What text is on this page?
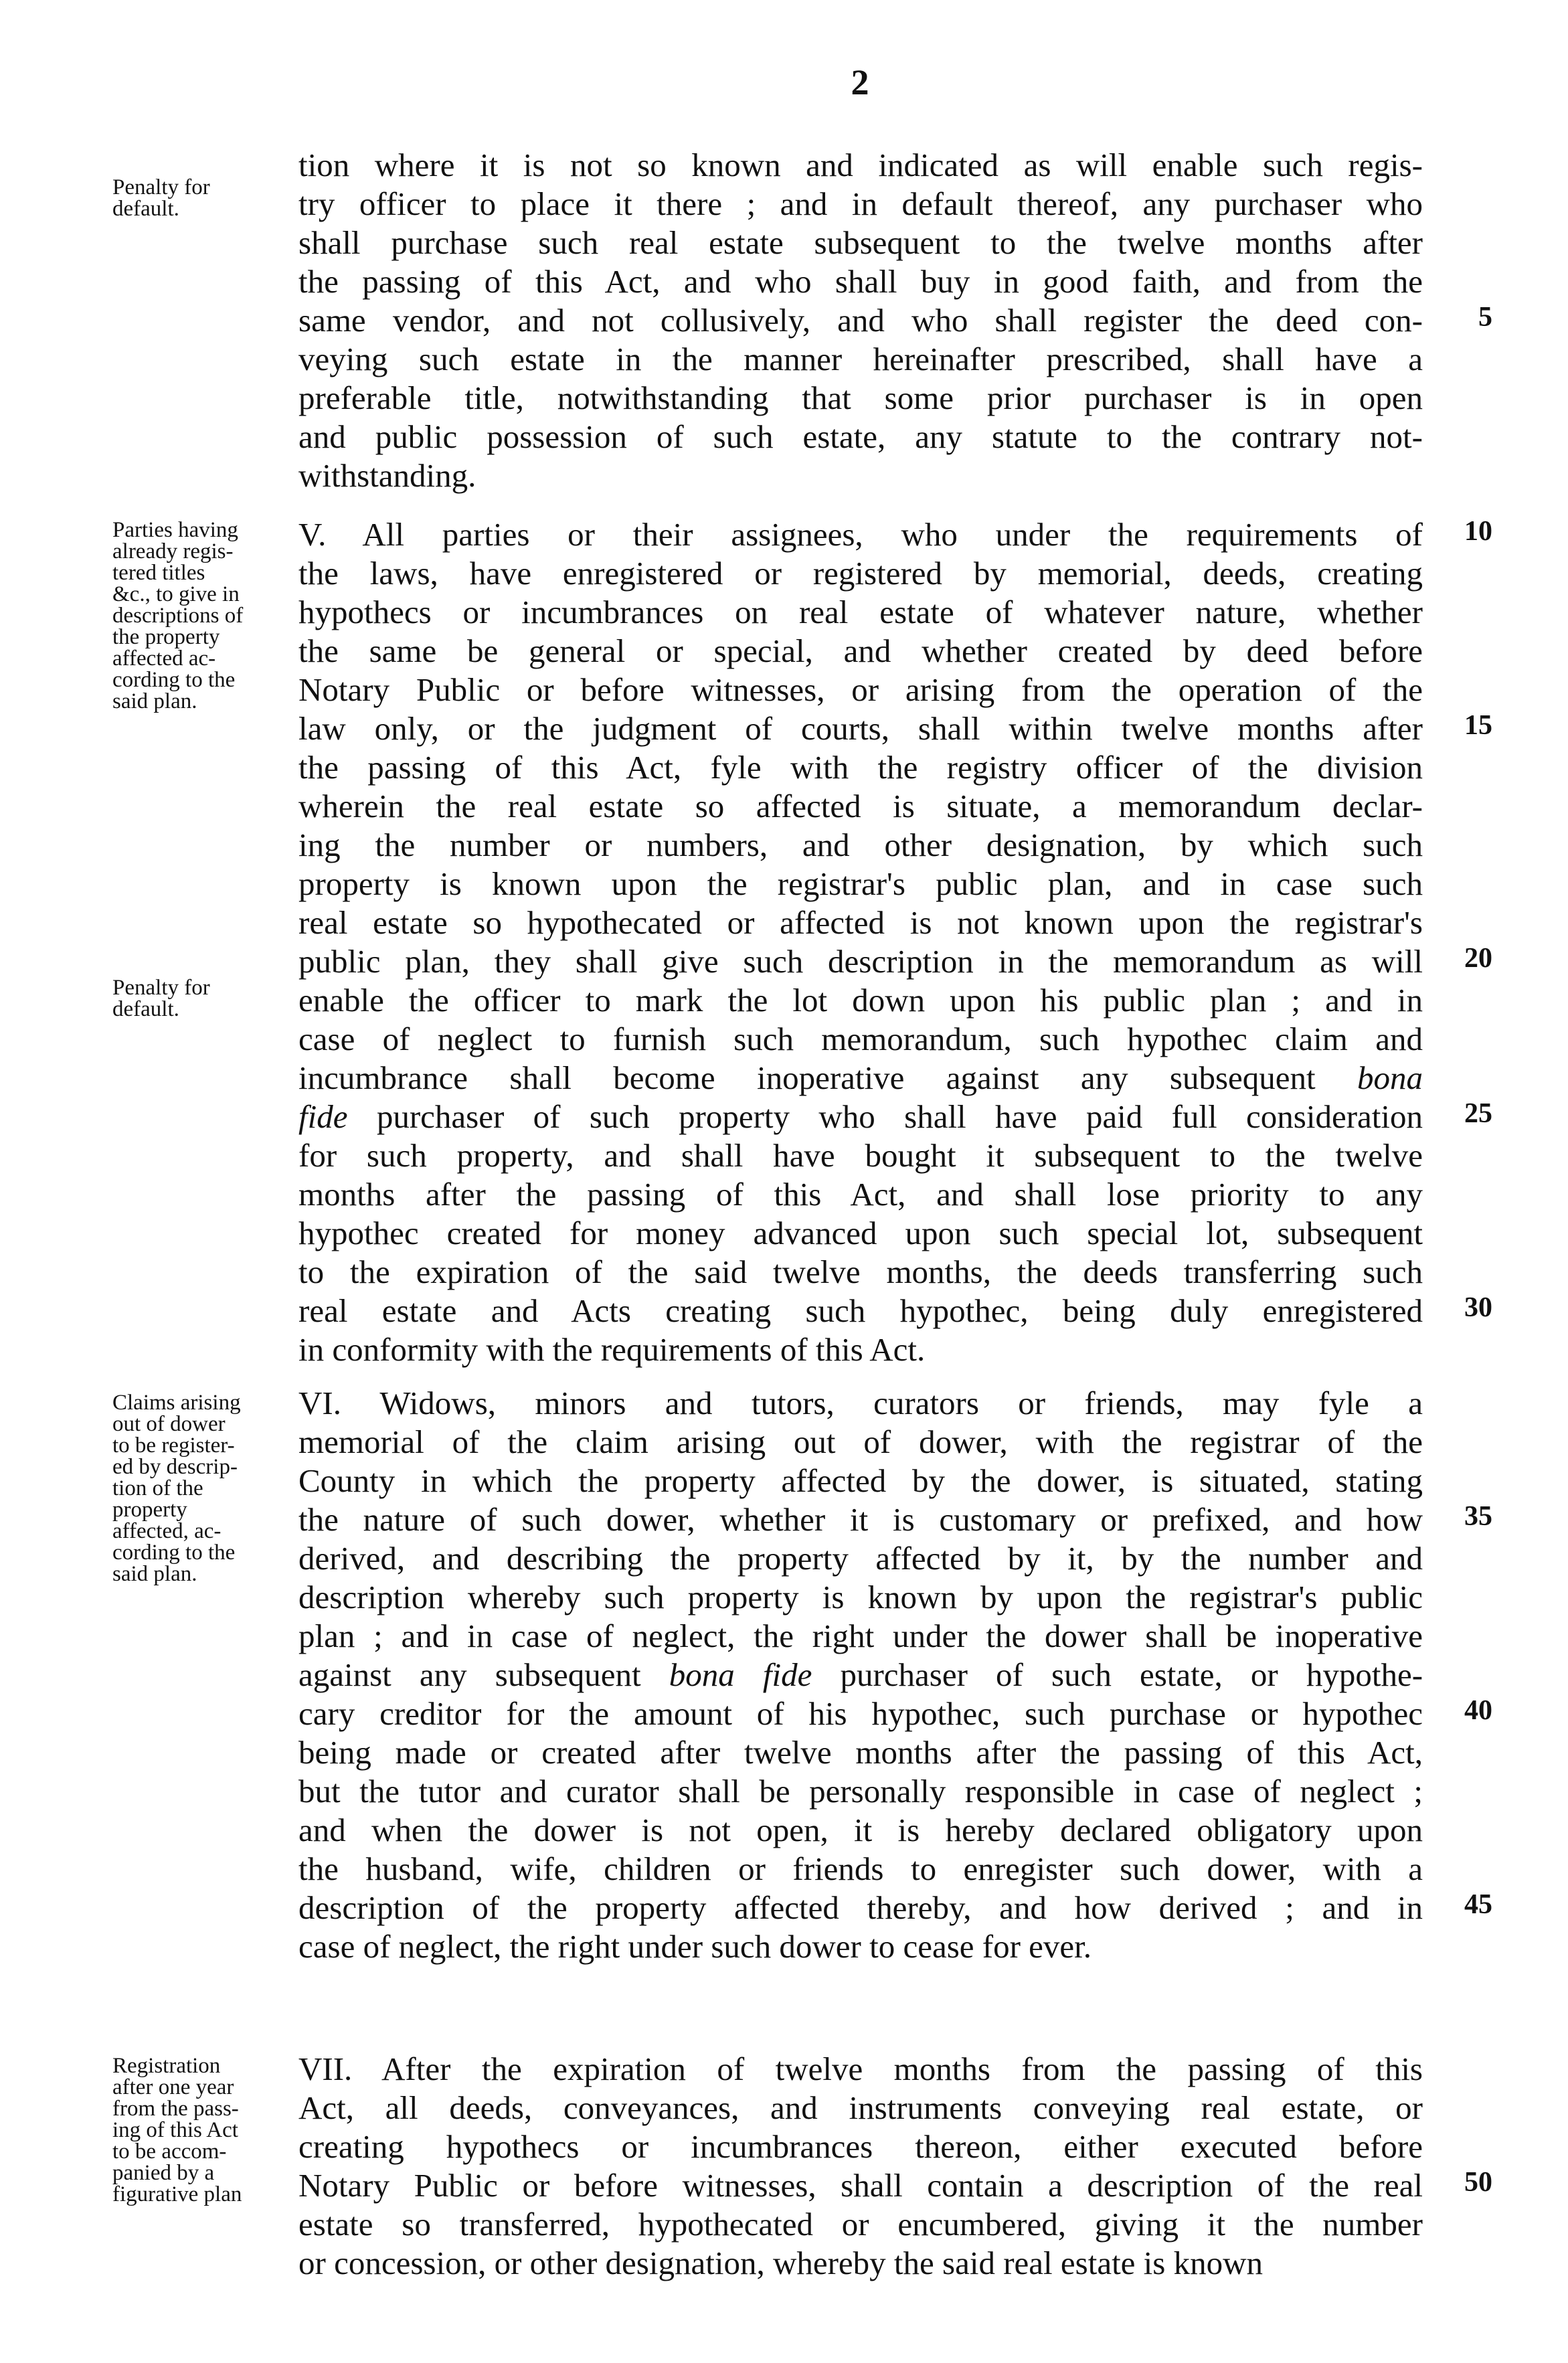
2
Penalty for
default.
tion where it is not so known and indicated as will enable such regis-
try officer to place it there ; and in default thereof, any purchaser who
shall purchase such real estate subsequent to the twelve months after
the passing of this Act, and who shall buy in good faith, and from the
same vendor, and not collusively, and who shall register the deed con-
veying such estate in the manner hereinafter prescribed, shall have a
preferable title, notwithstanding that some prior purchaser is in open
and public possession of such estate, any statute to the contrary not-
withstanding.
5
Parties having
already regis-
tered titles
&c., to give in
descriptions of
the property
affected ac-
cording to the
said plan.
Penalty for
default.
V. All parties or their assignees, who under the requirements of
the laws, have enregistered or registered by memorial, deeds, creating
hypothecs or incumbrances on real estate of whatever nature, whether
the same be general or special, and whether created by deed before
Notary Public or before witnesses, or arising from the operation of the
law only, or the judgment of courts, shall within twelve months after
the passing of this Act, fyle with the registry officer of the division
wherein the real estate so affected is situate, a memorandum declar-
ing the number or numbers, and other designation, by which such
property is known upon the registrar's public plan, and in case such
real estate so hypothecated or affected is not known upon the registrar's
public plan, they shall give such description in the memorandum as will
enable the officer to mark the lot down upon his public plan ; and in
case of neglect to furnish such memorandum, such hypothec claim and
incumbrance shall become inoperative against any subsequent bona
fide purchaser of such property who shall have paid full consideration
for such property, and shall have bought it subsequent to the twelve
months after the passing of this Act, and shall lose priority to any
hypothec created for money advanced upon such special lot, subsequent
to the expiration of the said twelve months, the deeds transferring such
real estate and Acts creating such hypothec, being duly enregistered
in conformity with the requirements of this Act.
10
15
20
25
30
Claims arising
out of dower
to be register-
ed by descrip-
tion of the
property
affected, ac-
cording to the
said plan.
VI. Widows, minors and tutors, curators or friends, may fyle a
memorial of the claim arising out of dower, with the registrar of the
County in which the property affected by the dower, is situated, stating
the nature of such dower, whether it is customary or prefixed, and how
derived, and describing the property affected by it, by the number and
description whereby such property is known by upon the registrar's public
plan ; and in case of neglect, the right under the dower shall be inoperative
against any subsequent bona fide purchaser of such estate, or hypothe-
cary creditor for the amount of his hypothec, such purchase or hypothec
being made or created after twelve months after the passing of this Act,
but the tutor and curator shall be personally responsible in case of neglect ;
and when the dower is not open, it is hereby declared obligatory upon
the husband, wife, children or friends to enregister such dower, with a
description of the property affected thereby, and how derived ; and in
case of neglect, the right under such dower to cease for ever.
35
40
45
Registration
after one year
from the pass-
ing of this Act
to be accom-
panied by a
figurative plan
VII. After the expiration of twelve months from the passing of this
Act, all deeds, conveyances, and instruments conveying real estate, or
creating hypothecs or incumbrances thereon, either executed before
Notary Public or before witnesses, shall contain a description of the real
estate so transferred, hypothecated or encumbered, giving it the number
or concession, or other designation, whereby the said real estate is known
50
